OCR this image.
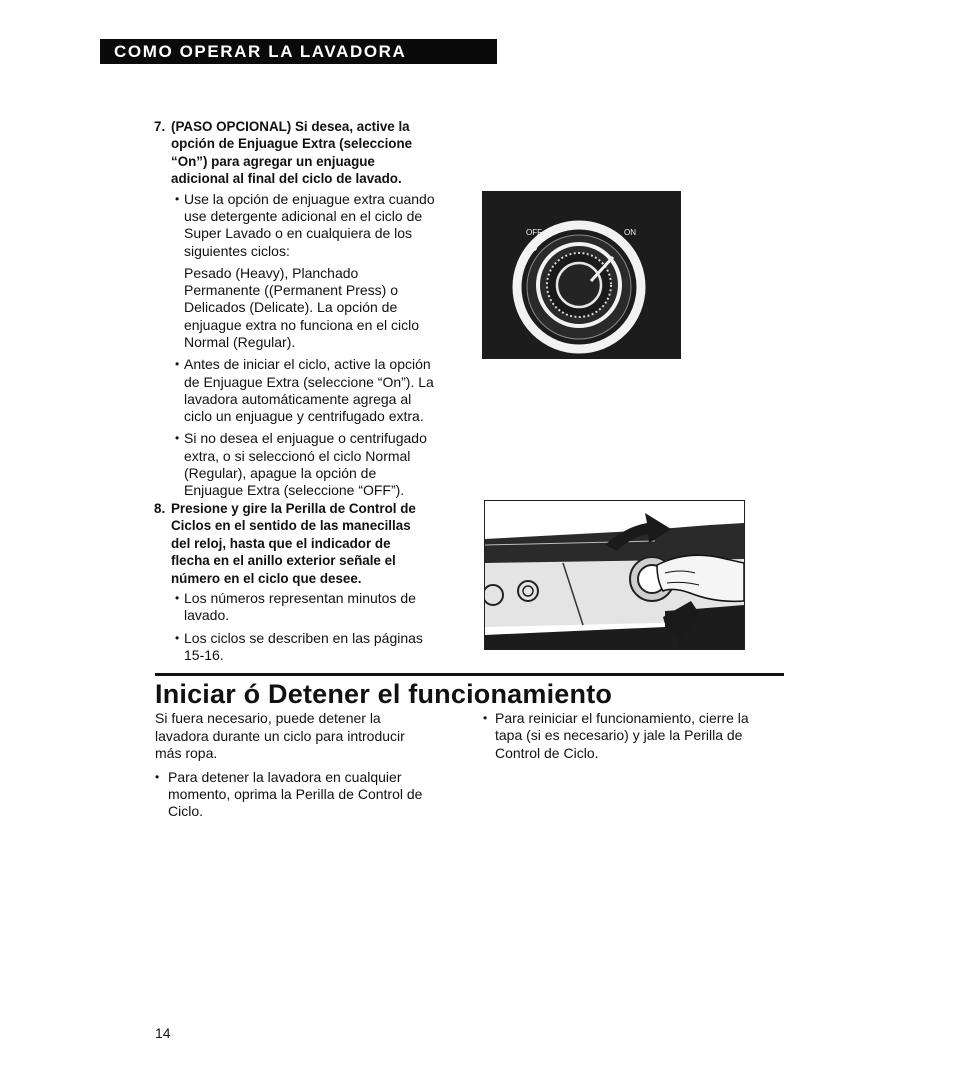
COMO OPERAR LA LAVADORA
7. (PASO OPCIONAL) Si desea, active la
opción de Enjuague Extra (seleccione
“On”) para agregar un enjuague
adicional al final del ciclo de lavado.
• Use la opción de enjuague extra cuando
use detergente adicional en el ciclo de
Super Lavado o en cualquiera de los
siguientes ciclos:
Pesado (Heavy), Planchado
Permanente ((Permanent Press) o
Delicados (Delicate). La opción de
enjuague extra no funciona en el ciclo
Normal (Regular).
• Antes de iniciar el ciclo, active la opción
de Enjuague Extra (seleccione “On”). La
lavadora automáticamente agrega al
ciclo un enjuague y centrifugado extra.
• Si no desea el enjuague o centrifugado
extra, o si seleccionó el ciclo Normal
(Regular), apague la opción de
Enjuague Extra (seleccione “OFF”).
8. Presione y gire la Perilla de Control de
Ciclos en el sentido de las manecillas
del reloj, hasta que el indicador de
flecha en el anillo exterior señale el
número en el ciclo que desee.
• Los números representan minutos de
lavado.
• Los ciclos se describen en las páginas
15-16.
OFF	ON
Iniciar ó Detener el funcionamiento
Si fuera necesario, puede detener la
lavadora durante un ciclo para introducir
más ropa.
• Para detener la lavadora en cualquier
momento, oprima la Perilla de Control de
Ciclo.
• Para reiniciar el funcionamiento, cierre la
tapa (si es necesario) y jale la Perilla de
Control de Ciclo.
14
